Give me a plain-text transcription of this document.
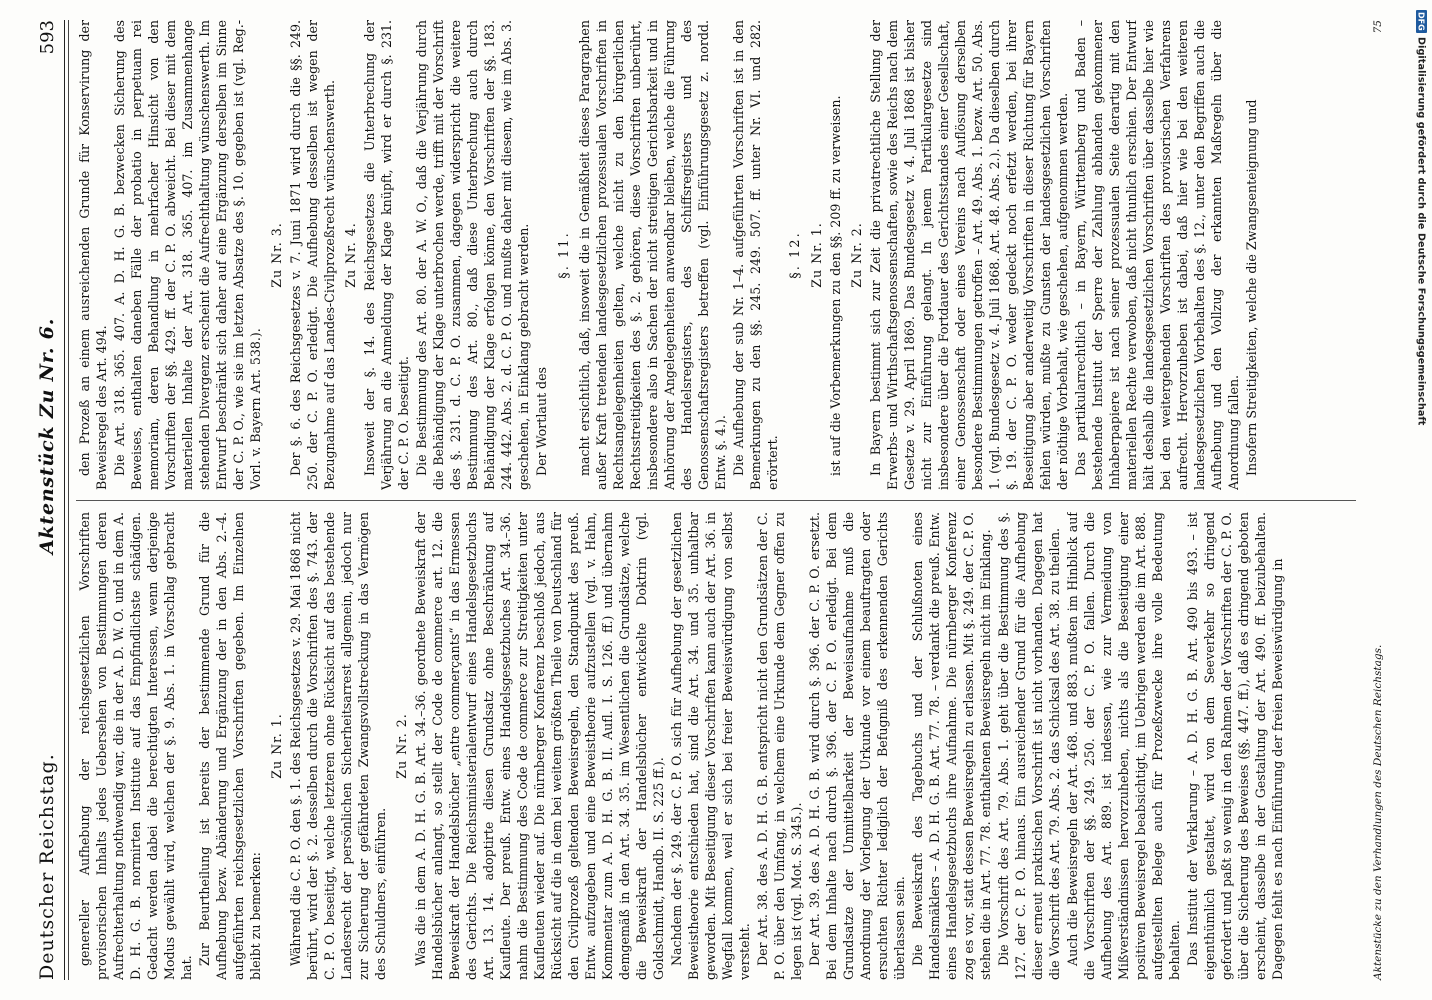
Deutscher Reichstag.
Aktenstück Zu Nr. 6.
593

genereller Aufhebung der reichsgesetzlichen Vorschriften provisorischen Inhalts jedes Uebersehen von Bestimmungen deren Aufrechterhaltung nothwendig war, die in der A. D. W. O. und in dem A. D. H. G. B. normirten Institute auf das Empfindlichste schädigen. Gedacht werden dabei die berechtigten Interessen, wenn derjenige Modus gewählt wird, welchen der §. 9. Abs. 1. in Vorschlag gebracht hat.

Zur Beurtheilung ist bereits der bestimmende Grund für die Aufhebung bezw. Abänderung und Ergänzung der in den Abs. 2.–4. aufgeführten reichsgesetzlichen Vorschriften gegeben. Im Einzelnen bleibt zu bemerken:

Zu Nr. 1. Während die C. P. O. den §. 1. des Reichsgesetzes v. 29. Mai 1868 nicht berührt, wird der §. 2. desselben durch die Vorschriften des §. 743. der C. P. O. beseitigt, welche letzteren ohne Rücksicht auf das bestehende Landesrecht der persönlichen Sicherheitsarrest allgemein, jedoch nur zur Sicherung der gefährdeten Zwangsvollstreckung in das Vermögen des Schuldners, einführen.

Zu Nr. 2. Was die in dem A. D. H. G. B. Art. 34.–36. geordnete Beweiskraft der Handelsbücher anlangt, so stellt der Code de commerce art. 12. die Beweiskraft der Handelsbücher „entre commerçants“ in das Ermessen des Gerichts. Die Reichsministerialentwurf eines Handelsgesetzbuchs Art. 13. 14. adoptirte diesen Grundsatz ohne Beschränkung auf Kaufleute. Der preuß. Entw. eines Handelsgesetzbuches Art. 34.–36. nahm die Bestimmung des Code de commerce zur Streitigkeiten unter Kaufleuten wieder auf. Die nürnberger Konferenz beschloß jedoch, aus Rücksicht auf die in dem bei weitem größten Theile von Deutschland für den Civilprozeß geltenden Beweisregeln, den Standpunkt des preuß. Entw. aufzugeben und eine Beweistheorie aufzustellen (vgl. v. Hahn, Kommentar zum A. D. H. G. B. II. Aufl. I. S. 126. ff.) und übernahm demgemäß in den Art. 34. 35. im Wesentlichen die Grundsätze, welche die Beweiskraft der Handelsbücher entwickelte Doktrin (vgl. Goldschmidt, Handb. II. S. 225 ff.). Nachdem der §. 249. der C. P. O. sich für Aufhebung der gesetzlichen Beweistheorie entschieden hat, sind die Art. 34. und 35. unhaltbar geworden. Mit Beseitigung dieser Vorschriften kann auch der Art. 36. in Wegfall kommen, weil er sich bei freier Beweiswürdigung von selbst versteht. Der Art. 38. des A. D. H. G. B. entspricht nicht den Grundsätzen der C. P. O. über den Umfang, in welchem eine Urkunde dem Gegner offen zu legen ist (vgl. Mot. S. 345.). Der Art. 39. des A. D. H. G. B. wird durch §. 396. der C. P. O. ersetzt. Bei dem Inhalte nach durch §. 396. der C. P. O. erledigt. Bei dem Grundsatze der Unmittelbarkeit der Beweisaufnahme muß die Anordnung der Vorlegung der Urkunde vor einem beauftragten oder ersuchten Richter lediglich der Befugniß des erkennenden Gerichts überlassen sein. Die Beweiskraft des Tagebuchs und der Schlußnoten eines Handelsmäklers – A. D. H. G. B. Art. 77. 78. – verdankt die preuß. Entw. eines Handelsgesetzbuchs ihre Aufnahme. Die nürnberger Konferenz zog es vor, statt dessen Beweisregeln zu erlassen. Mit §. 249. der C. P. O. stehen die in Art. 77. 78. enthaltenen Beweisregeln nicht im Einklang. Die Vorschrift des Art. 79. Abs. 1. geht über die Bestimmung des §. 127. der C. P. O. hinaus. Ein ausreichender Grund für die Aufhebung dieser erneut praktischen Vorschrift ist nicht vorhanden. Dagegen hat die Vorschrift des Art. 79. Abs. 2. das Schicksal des Art. 38. zu theilen. Auch die Beweisregeln der Art. 468. und 883. mußten im Hinblick auf die Vorschriften der §§. 249. 250. der C. P. O. fallen. Durch die Aufhebung des Art. 889. ist indessen, wie zur Vermeidung von Mißverständnissen hervorzuheben, nichts als die Beseitigung einer positiven Beweisregel beabsichtigt, im Uebrigen werden die im Art. 888. aufgestellten Belege auch für Prozeßzwecke ihre volle Bedeutung behalten. Das Institut der Verklarung – A. D. H. G. B. Art. 490 bis 493. – ist eigenthümlich gestaltet, wird von dem Seeverkehr so dringend gefordert und paßt so wenig in den Rahmen der Vorschriften der C. P. O. über die Sicherung des Beweises (§§. 447. ff.), daß es dringend geboten erscheint, dasselbe in der Gestaltung der Art. 490. ff. beizubehalten. Dagegen fehlt es nach Einführung der freien Beweiswürdigung in

den Prozeß an einem ausreichenden Grunde für Konservirung der Beweisregel des Art. 494. Die Art. 318. 365. 407. A. D. H. G. B. bezwecken Sicherung des Beweises, enthalten daneben Fälle der probatio in perpetuam rei memoriam, deren Behandlung in mehrfacher Hinsicht von den Vorschriften der §§. 429. ff. der C. P. O. abweicht. Bei dieser mit dem materiellen Inhalte der Art. 318. 365. 407. im Zusammenhange stehenden Divergenz erscheint die Aufrechthaltung wünschenswerth. Im Entwurf beschränkt sich daher auf eine Ergänzung derselben im Sinne der C. P. O., wie sie im letzten Absatze des §. 10. gegeben ist (vgl. Reg.-Vorl. v. Bayern Art. 538.).

Zu Nr. 3. Der §. 6. des Reichsgesetzes v. 7. Juni 1871 wird durch die §§. 249. 250. der C. P. O. erledigt. Die Aufhebung desselben ist wegen der Bezugnahme auf das Landes-Civilprozeßrecht wünschenswerth. Zu Nr. 4. Insoweit der §. 14. des Reichsgesetzes die Unterbrechung der Verjährung an die Anmeldung der Klage knüpft, wird er durch §. 231. der C. P. O. beseitigt. Die Bestimmung des Art. 80. der A. W. O., daß die Verjährung durch die Behändigung der Klage unterbrochen werde, trifft mit der Vorschrift des §. 231. d. C. P. O. zusammen, dagegen widerspricht die weitere Bestimmung des Art. 80., daß diese Unterbrechung auch durch Behändigung der Klage erfolgen könne, den Vorschriften der §§. 183. 244. 442. Abs. 2. d. C. P. O. und mußte daher mit diesem, wie im Abs. 3. geschehen, in Einklang gebracht werden. Der Wortlaut des

§. 11. macht ersichtlich, daß, insoweit die in Gemäßheit dieses Paragraphen außer Kraft tretenden landesgesetzlichen prozessualen Vorschriften in Rechtsangelegenheiten gelten, welche nicht zu den bürgerlichen Rechtsstreitigkeiten des §. 2. gehören, diese Vorschriften unberührt, insbesondere also in Sachen der nicht streitigen Gerichtsbarkeit und in Anhörung der Angelegenheiten anwendbar bleiben, welche die Führung des Handelsregisters, des Schiffsregisters und des Genossenschaftsregisters betreffen (vgl. Einführungsgesetz z. nordd. Entw. §. 4.). Die Aufhebung der sub Nr. 1–4. aufgeführten Vorschriften ist in den Bemerkungen zu den §§. 245. 249. 507. ff. unter Nr. VI. und 282. erörtert.

§. 12. Zu Nr. 1. ist auf die Vorbemerkungen zu den §§. 209 ff. zu verweisen. Zu Nr. 2. In Bayern bestimmt sich zur Zeit die privatrechtliche Stellung der Erwerbs- und Wirthschaftsgenossenschaften, sowie des Reichs nach dem Gesetze v. 29. April 1869. Das Bundesgesetz v. 4. Juli 1868 ist bisher nicht zur Einführung gelangt. In jenem Partikulargesetze sind insbesondere über die Fortdauer des Gerichtsstandes einer Gesellschaft, einer Genossenschaft oder eines Vereins nach Auflösung derselben besondere Bestimmungen getroffen – Art. 49. Abs. 1. bezw. Art. 50. Abs. 1. (vgl. Bundesgesetz v. 4. Juli 1868. Art. 48. Abs. 2.). Da dieselben durch §. 19. der C. P. O. weder gedeckt noch erfetzt werden, bei ihrer Beseitigung aber anderweitig Vorschriften in dieser Richtung für Bayern fehlen würden, mußte zu Gunsten der landesgesetzlichen Vorschriften der nöthige Vorbehalt, wie geschehen, aufgenommen werden. Das partikularrechtlich – in Bayern, Württemberg und Baden – bestehende Institut der Sperre der Zahlung abhanden gekommener Inhaberpapiere ist nach seiner prozessualen Seite derartig mit den materiellen Rechte verwoben, daß nicht thunlich erschien. Der Entwurf hält deshalb die landesgesetzlichen Vorschriften über dasselbe hier wie bei den weitergehenden Vorschriften des provisorischen Verfahrens aufrecht. Hervorzuheben ist dabei, daß hier wie bei den weiteren landesgesetzlichen Vorbehalten des §. 12., unter den Begriffen auch die Aufhebung und den Vollzug der erkannten Maßregeln über die Anordnung fallen. Insofern Streitigkeiten, welche die Zwangsenteignung und

Aktenstücke zu den Verhandlungen des Deutschen Reichstags.
75	DFG
Digitalisierung gefördert durch die Deutsche Forschungsgemeinschaft
